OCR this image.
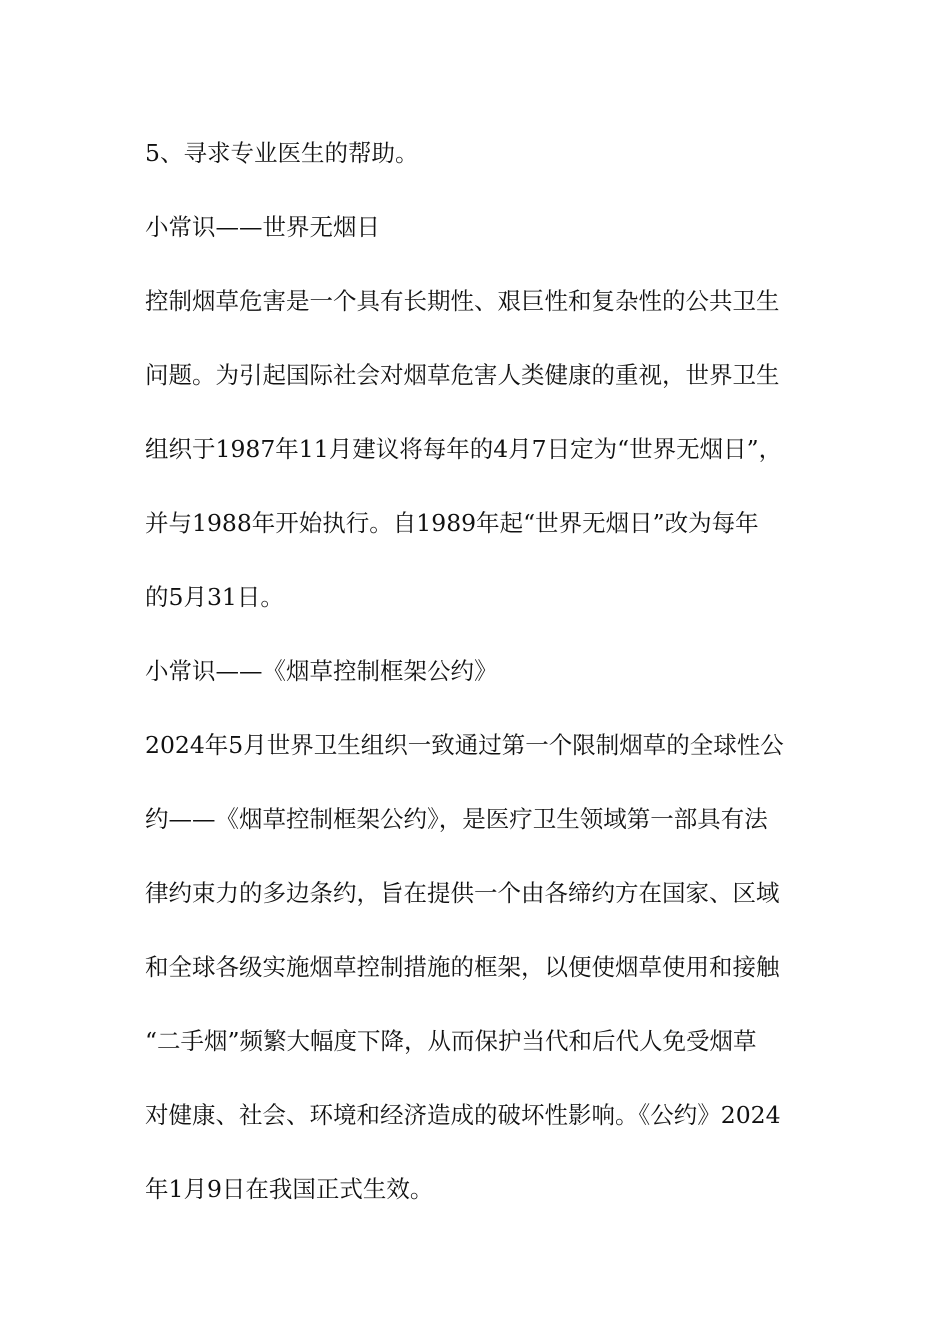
5、寻求专业医生的帮助。
小常识——世界无烟日
控制烟草危害是一个具有长期性、艰巨性和复杂性的公共卫生
问题。为引起国际社会对烟草危害人类健康的重视，世界卫生
组织于1987年11月建议将每年的4月7日定为“世界无烟日”，
并与1988年开始执行。自1989年起“世界无烟日”改为每年
的5月31日。
小常识——《烟草控制框架公约》
2024年5月世界卫生组织一致通过第一个限制烟草的全球性公
约——《烟草控制框架公约》，是医疗卫生领域第一部具有法
律约束力的多边条约，旨在提供一个由各缔约方在国家、区域
和全球各级实施烟草控制措施的框架，以便使烟草使用和接触
“二手烟”频繁大幅度下降，从而保护当代和后代人免受烟草
对健康、社会、环境和经济造成的破坏性影响。《公约》2024
年1月9日在我国正式生效。
